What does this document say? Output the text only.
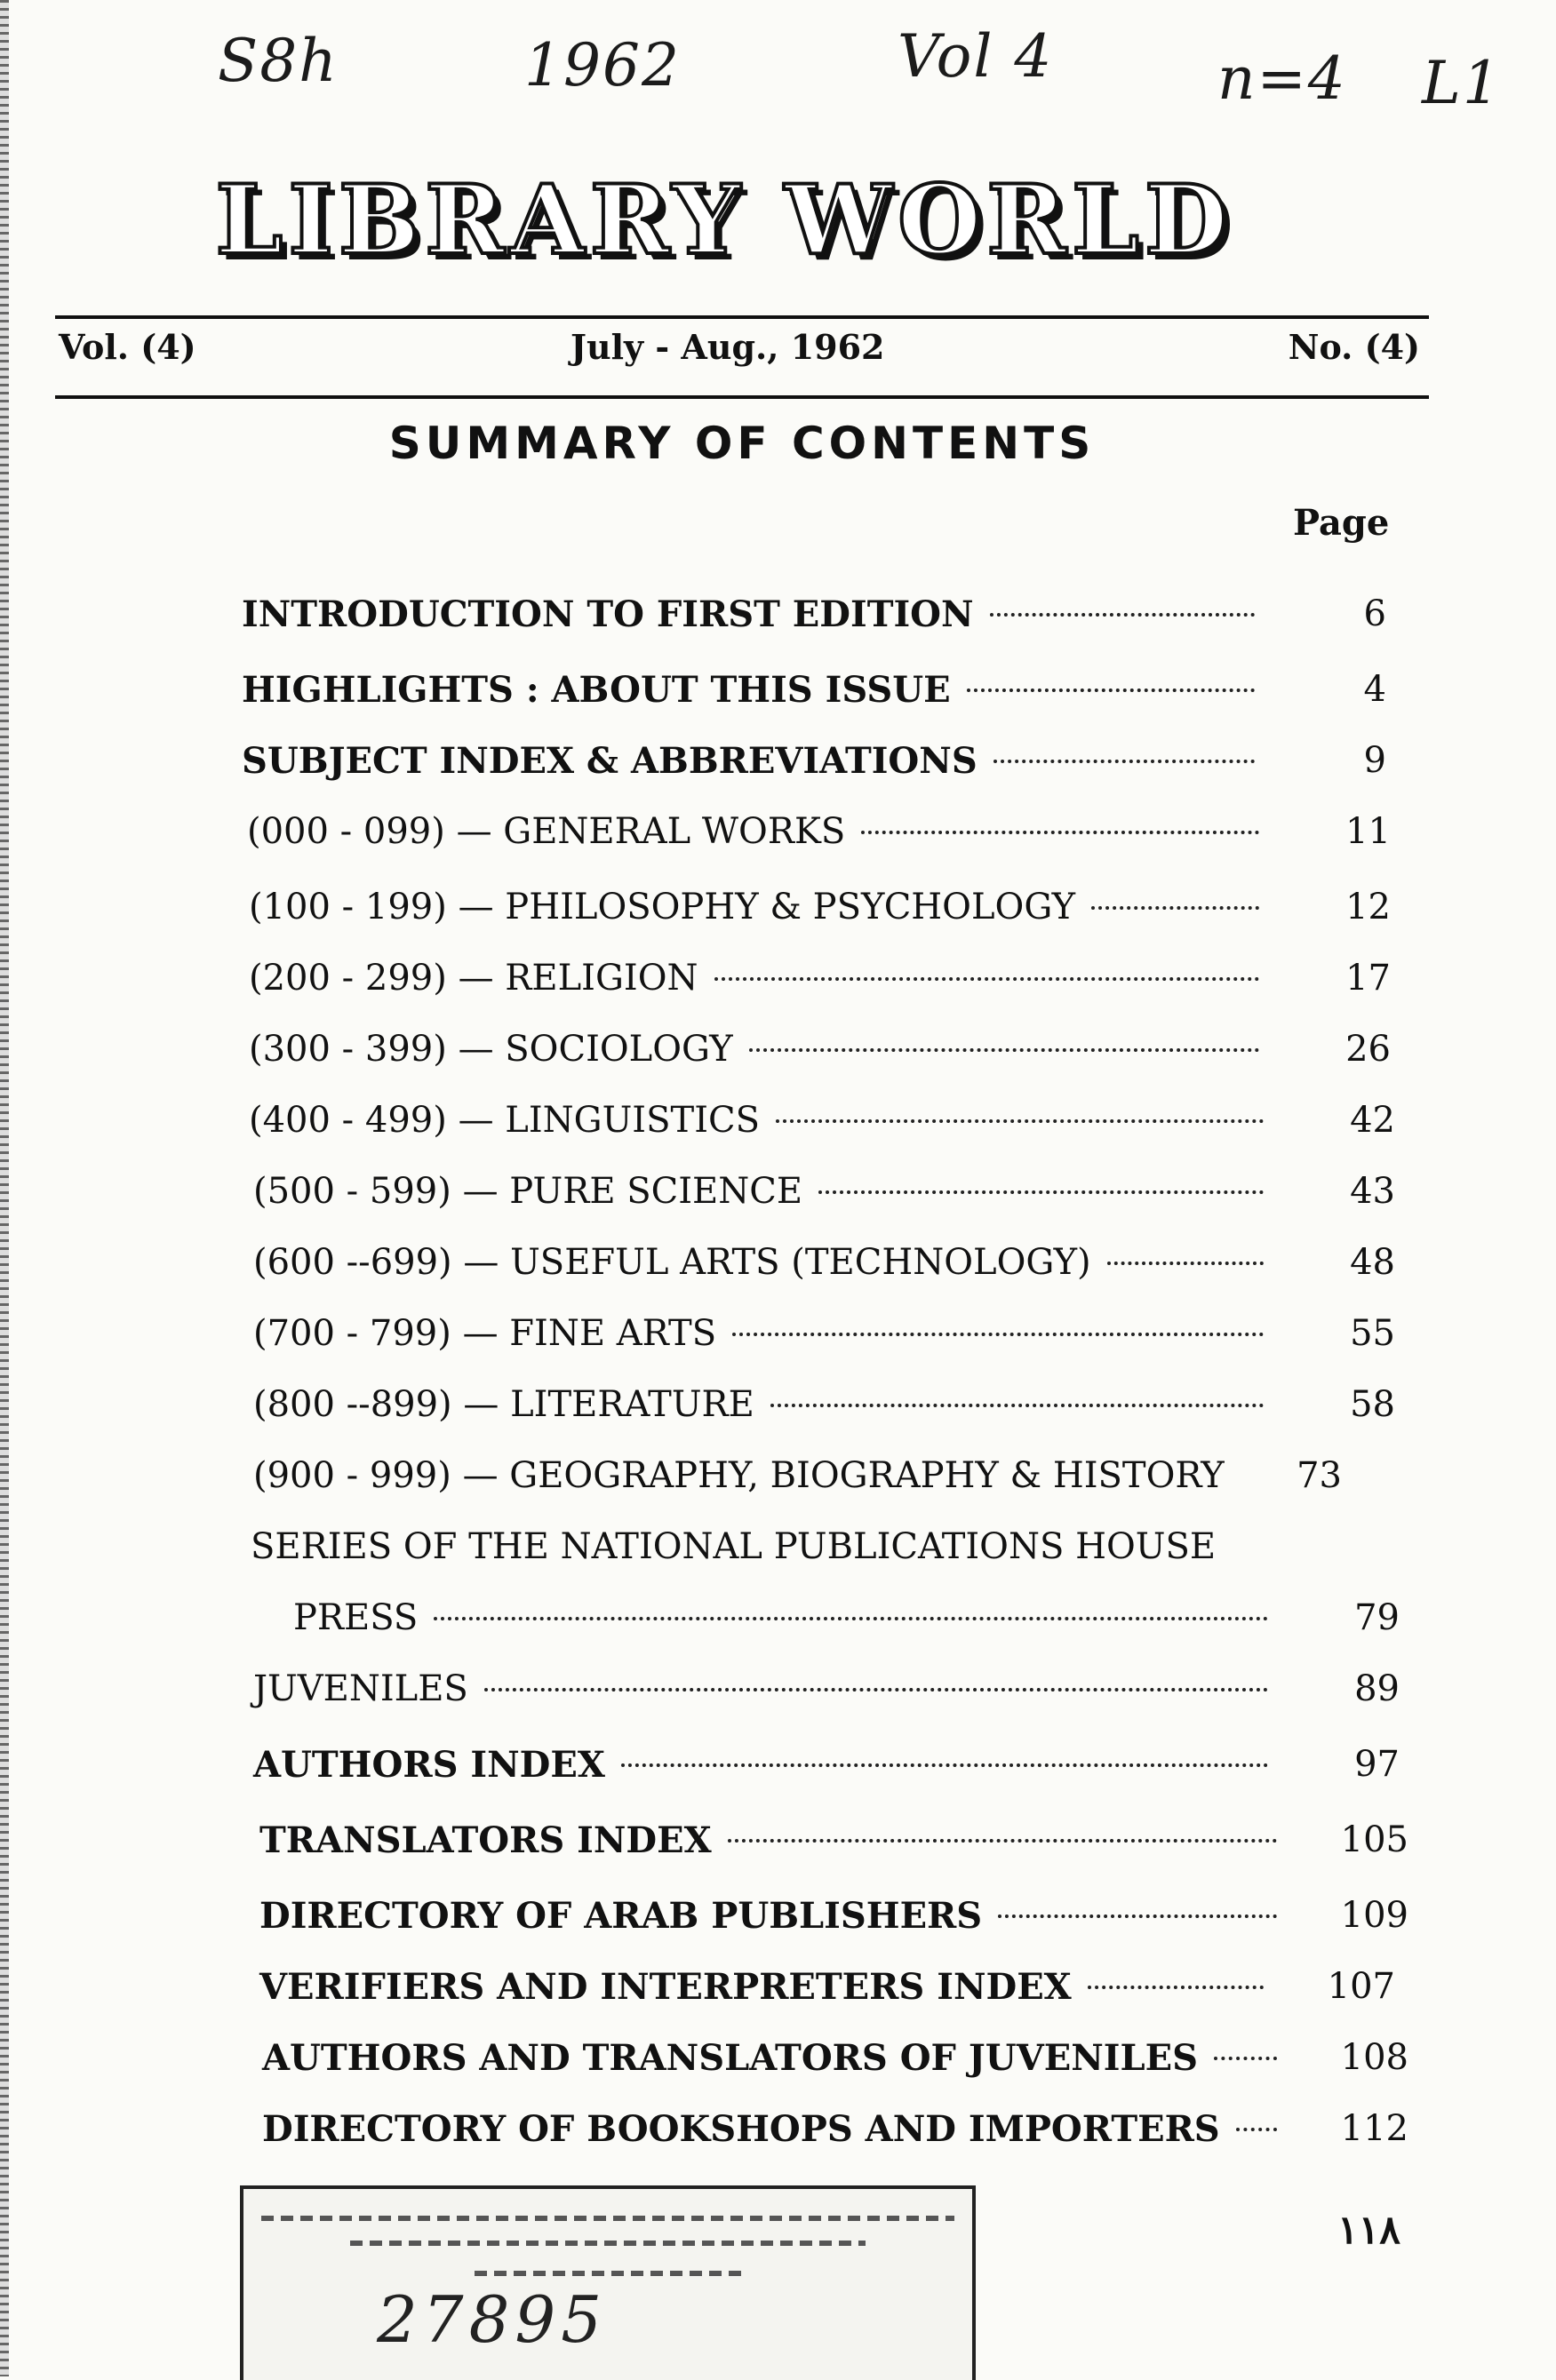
S8h	1962	Vol 4	n=4 L1
LIBRARY WORLD
Vol. (4)	July - Aug., 1962	No. (4)
SUMMARY OF CONTENTS
Page
INTRODUCTION TO FIRST EDITION	6
HIGHLIGHTS : ABOUT THIS ISSUE	4
SUBJECT INDEX & ABBREVIATIONS	9
(000 - 099) — GENERAL WORKS	11
(100 - 199) — PHILOSOPHY & PSYCHOLOGY	12
(200 - 299) — RELIGION	17
(300 - 399) — SOCIOLOGY	26
(400 - 499) — LINGUISTICS	42
(500 - 599) — PURE SCIENCE	43
(600 --699) — USEFUL ARTS (TECHNOLOGY)	48
(700 - 799) — FINE ARTS	55
(800 --899) — LITERATURE	58
(900 - 999) — GEOGRAPHY, BIOGRAPHY & HISTORY	73
SERIES OF THE NATIONAL PUBLICATIONS HOUSE
PRESS	79
JUVENILES	89
AUTHORS INDEX	97
TRANSLATORS INDEX	105
DIRECTORY OF ARAB PUBLISHERS	109
VERIFIERS AND INTERPRETERS INDEX	107
AUTHORS AND TRANSLATORS OF JUVENILES	108
DIRECTORY OF BOOKSHOPS AND IMPORTERS	112
27895
١١٨
